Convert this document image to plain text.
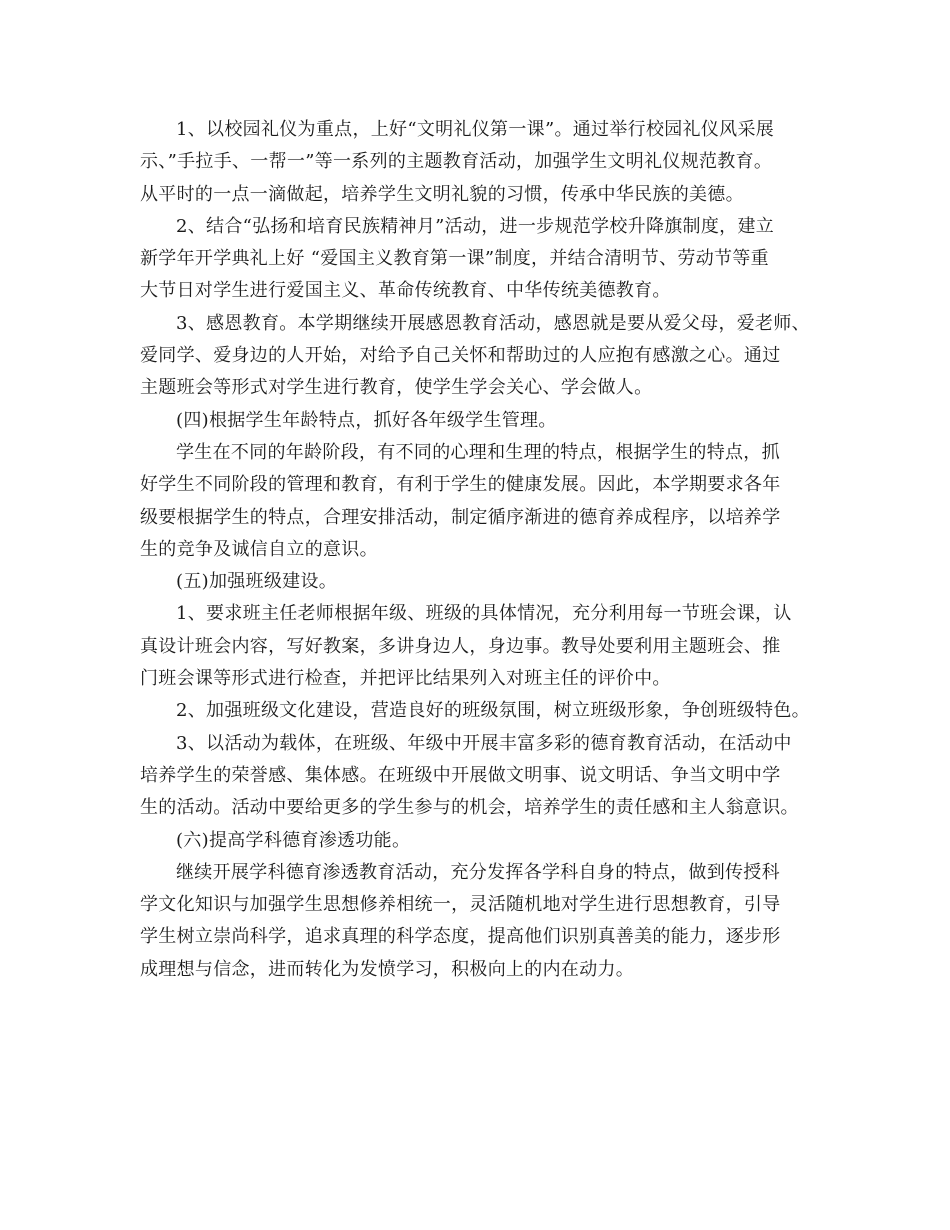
1、以校园礼仪为重点，上好“文明礼仪第一课”。通过举行校园礼仪风采展
示、”手拉手、一帮一”等一系列的主题教育活动，加强学生文明礼仪规范教育。
从平时的一点一滴做起，培养学生文明礼貌的习惯，传承中华民族的美德。
2、结合“弘扬和培育民族精神月”活动，进一步规范学校升降旗制度，建立
新学年开学典礼上好 “爱国主义教育第一课”制度，并结合清明节、劳动节等重
大节日对学生进行爱国主义、革命传统教育、中华传统美德教育。
3、感恩教育。本学期继续开展感恩教育活动，感恩就是要从爱父母，爱老师、
爱同学、爱身边的人开始，对给予自己关怀和帮助过的人应抱有感激之心。通过
主题班会等形式对学生进行教育，使学生学会关心、学会做人。
(四)根据学生年龄特点，抓好各年级学生管理。
学生在不同的年龄阶段，有不同的心理和生理的特点，根据学生的特点，抓
好学生不同阶段的管理和教育，有利于学生的健康发展。因此，本学期要求各年
级要根据学生的特点，合理安排活动，制定循序渐进的德育养成程序，以培养学
生的竞争及诚信自立的意识。
(五)加强班级建设。
1、要求班主任老师根据年级、班级的具体情况，充分利用每一节班会课，认
真设计班会内容，写好教案，多讲身边人，身边事。教导处要利用主题班会、推
门班会课等形式进行检查，并把评比结果列入对班主任的评价中。
2、加强班级文化建设，营造良好的班级氛围，树立班级形象，争创班级特色。
3、以活动为载体，在班级、年级中开展丰富多彩的德育教育活动，在活动中
培养学生的荣誉感、集体感。在班级中开展做文明事、说文明话、争当文明中学
生的活动。活动中要给更多的学生参与的机会，培养学生的责任感和主人翁意识。
(六)提高学科德育渗透功能。
继续开展学科德育渗透教育活动，充分发挥各学科自身的特点，做到传授科
学文化知识与加强学生思想修养相统一，灵活随机地对学生进行思想教育，引导
学生树立崇尚科学，追求真理的科学态度，提高他们识别真善美的能力，逐步形
成理想与信念，进而转化为发愤学习，积极向上的内在动力。
